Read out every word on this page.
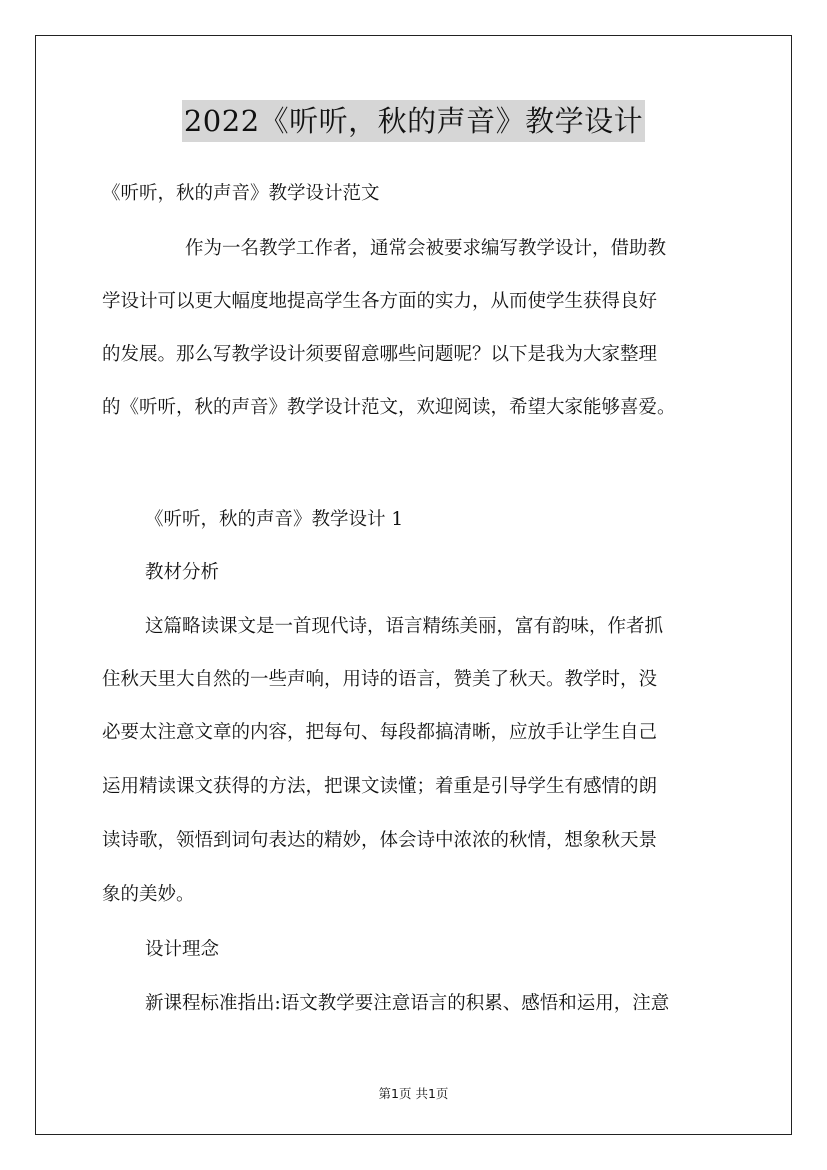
2022《听听，秋的声音》教学设计
《听听，秋的声音》教学设计范文
作为一名教学工作者，通常会被要求编写教学设计，借助教
学设计可以更大幅度地提高学生各方面的实力，从而使学生获得良好
的发展。那么写教学设计须要留意哪些问题呢？以下是我为大家整理
的《听听，秋的声音》教学设计范文，欢迎阅读，希望大家能够喜爱。
《听听，秋的声音》教学设计 1
教材分析
这篇略读课文是一首现代诗，语言精练美丽，富有韵味，作者抓
住秋天里大自然的一些声响，用诗的语言，赞美了秋天。教学时，没
必要太注意文章的内容，把每句、每段都搞清晰，应放手让学生自己
运用精读课文获得的方法，把课文读懂；着重是引导学生有感情的朗
读诗歌，领悟到词句表达的精妙，体会诗中浓浓的秋情，想象秋天景
象的美妙。
设计理念
新课程标准指出:语文教学要注意语言的积累、感悟和运用，注意
第1页 共1页
